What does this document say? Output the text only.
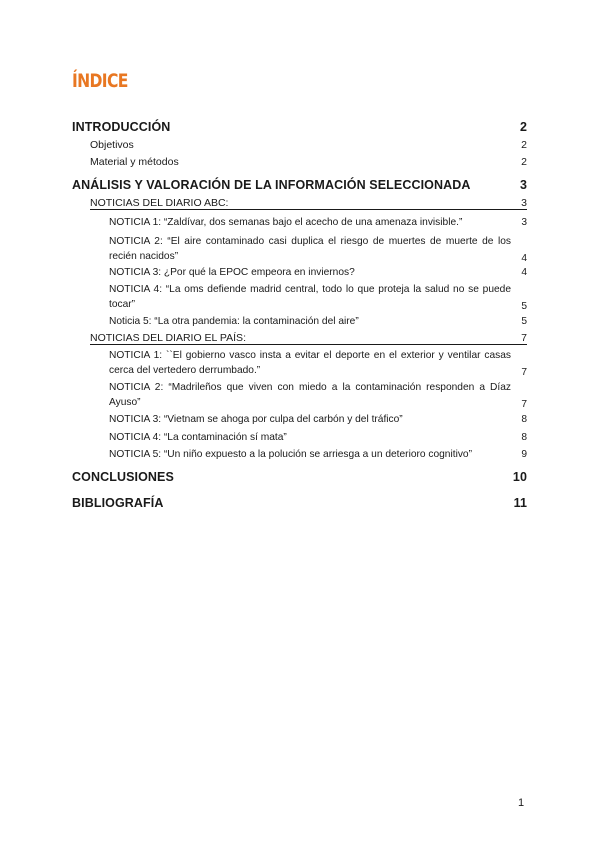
ÍNDICE
INTRODUCCIÓN	2
Objetivos	2
Material y métodos	2
ANÁLISIS Y VALORACIÓN DE LA INFORMACIÓN SELECCIONADA	3
NOTICIAS DEL DIARIO ABC:	3
NOTICIA 1: “Zaldívar, dos semanas bajo el acecho de una amenaza invisible.”	3
NOTICIA 2: “El aire contaminado casi duplica el riesgo de muertes de muerte de los recién nacidos”	4
NOTICIA 3: ¿Por qué la EPOC empeora en inviernos?	4
NOTICIA 4: “La oms defiende madrid central, todo lo que proteja la salud no se puede tocar”	5
Noticia 5: “La otra pandemia: la contaminación del aire”	5
NOTICIAS DEL DIARIO EL PAÍS:	7
NOTICIA 1: ``El gobierno vasco insta a evitar el deporte en el exterior y ventilar casas cerca del vertedero derrumbado.”	7
NOTICIA 2: “Madrileños que viven con miedo a la contaminación responden a Díaz Ayuso”	7
NOTICIA 3: “Vietnam se ahoga por culpa del carbón y del tráfico”	8
NOTICIA 4: “La contaminación sí mata”	8
NOTICIA 5: “Un niño expuesto a la polución se arriesga a un deterioro cognitivo”	9
CONCLUSIONES	10
BIBLIOGRAFÍA	11
1
